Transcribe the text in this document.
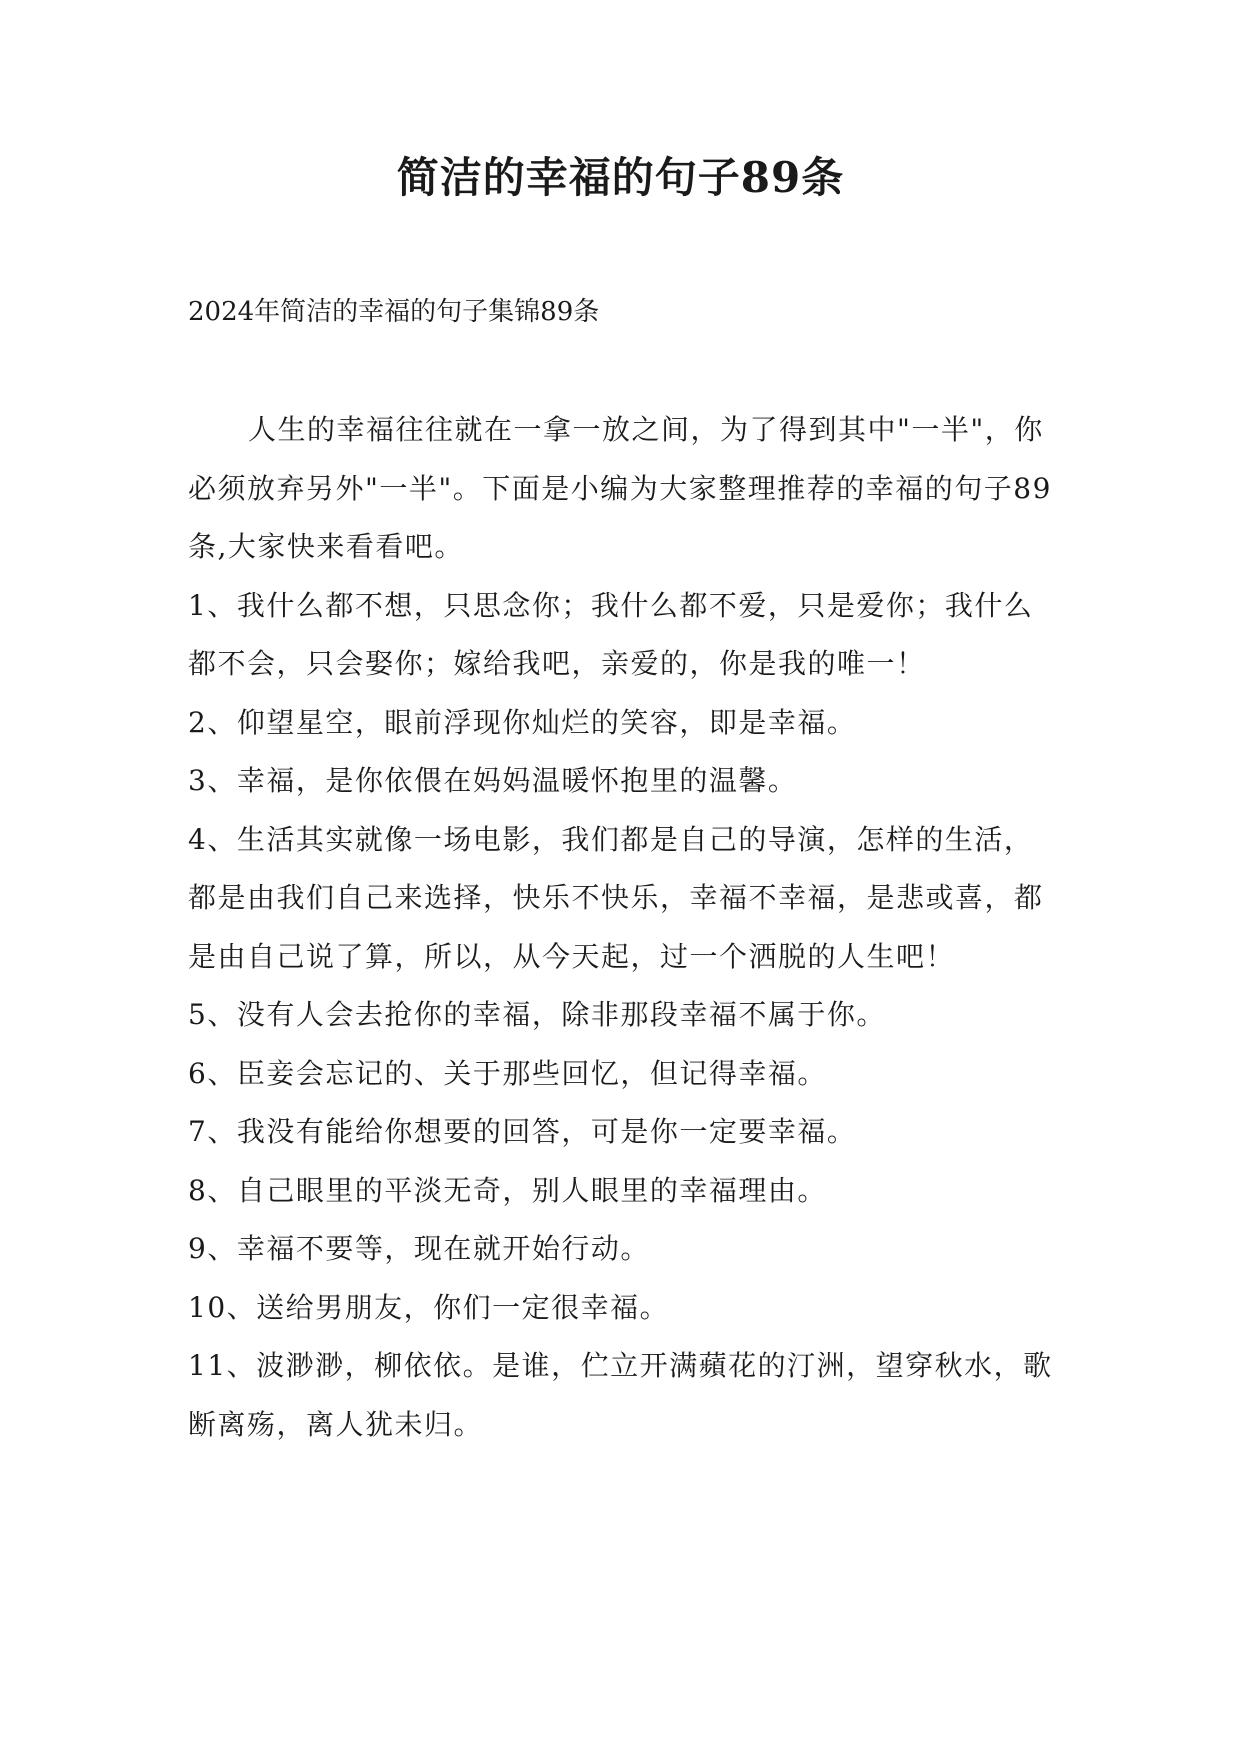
简洁的幸福的句子89条

2024年简洁的幸福的句子集锦89条

人生的幸福往往就在一拿一放之间，为了得到其中"一半"，你必须放弃另外"一半"。下面是小编为大家整理推荐的幸福的句子89条,大家快来看看吧。

1、我什么都不想，只思念你；我什么都不爱，只是爱你；我什么都不会，只会娶你；嫁给我吧，亲爱的，你是我的唯一！

2、仰望星空，眼前浮现你灿烂的笑容，即是幸福。

3、幸福，是你依偎在妈妈温暖怀抱里的温馨。

4、生活其实就像一场电影，我们都是自己的导演，怎样的生活，都是由我们自己来选择，快乐不快乐，幸福不幸福，是悲或喜，都是由自己说了算，所以，从今天起，过一个洒脱的人生吧！

5、没有人会去抢你的幸福，除非那段幸福不属于你。

6、臣妾会忘记的、关于那些回忆，但记得幸福。

7、我没有能给你想要的回答，可是你一定要幸福。

8、自己眼里的平淡无奇，别人眼里的幸福理由。

9、幸福不要等，现在就开始行动。

10、送给男朋友，你们一定很幸福。

11、波渺渺，柳依依。是谁，伫立开满蘋花的汀洲，望穿秋水，歌断离殇，离人犹未归。
